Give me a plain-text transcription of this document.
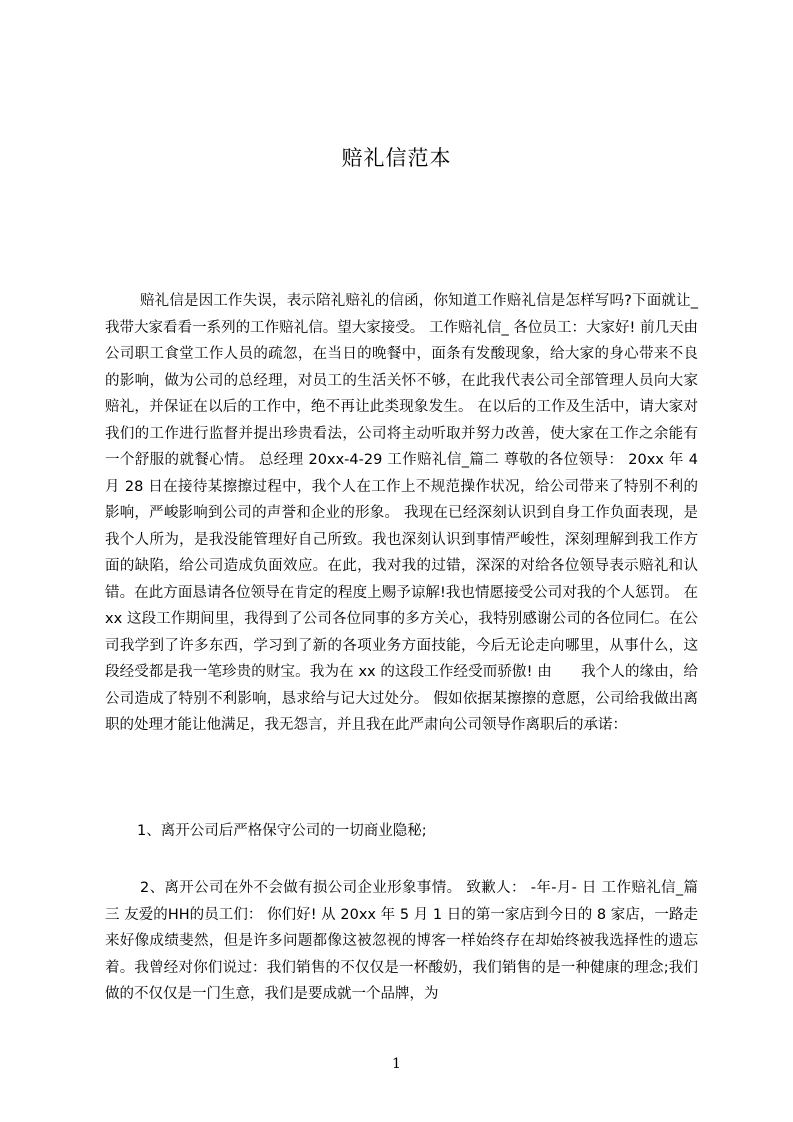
赔礼信范本

赔礼信是因工作失误，表示陪礼赔礼的信函，你知道工作赔礼信是怎样写吗?下面就让_我带大家看看一系列的工作赔礼信。望大家接受。 工作赔礼信_ 各位员工：大家好! 前几天由　　公司职工食堂工作人员的疏忽，在当日的晚餐中，面条有发酸现象，给大家的身心带来不良的影响，做为公司的总经理，对员工的生活关怀不够，在此我代表公司全部管理人员向大家赔礼，并保证在以后的工作中，绝不再让此类现象发生。 在以后的工作及生活中，请大家对我们的工作进行监督并提出珍贵看法，公司将主动听取并努力改善，使大家在工作之余能有一个舒服的就餐心情。 总经理 20xx-4-29 工作赔礼信_篇二 尊敬的各位领导： 20xx 年 4 月 28 日在接待某擦擦过程中，我个人在工作上不规范操作状况，给公司带来了特别不利的影响，严峻影响到公司的声誉和企业的形象。 我现在已经深刻认识到自身工作负面表现，是我个人所为，是我没能管理好自己所致。我也深刻认识到事情严峻性，深刻理解到我工作方面的缺陷，给公司造成负面效应。在此，我对我的过错，深深的对给各位领导表示赔礼和认错。在此方面恳请各位领导在肯定的程度上赐予谅解!我也情愿接受公司对我的个人惩罚。 在 xx 这段工作期间里，我得到了公司各位同事的多方关心，我特别感谢公司的各位同仁。在公司我学到了许多东西，学习到了新的各项业务方面技能，今后无论走向哪里，从事什么，这段经受都是我一笔珍贵的财宝。我为在 xx 的这段工作经受而骄傲! 由　　我个人的缘由，给公司造成了特别不利影响，恳求给与记大过处分。 假如依据某擦擦的意愿，公司给我做出离职的处理才能让他满足，我无怨言，并且我在此严肃向公司领导作离职后的承诺：

1、离开公司后严格保守公司的一切商业隐秘;

2、离开公司在外不会做有损公司企业形象事情。 致歉人： -年-月- 日 工作赔礼信_篇三 友爱的HH的员工们： 你们好! 从 20xx 年 5 月 1 日的第一家店到今日的 8 家店，一路走来好像成绩斐然，但是许多问题都像这被忽视的博客一样始终存在却始终被我选择性的遗忘着。我曾经对你们说过：我们销售的不仅仅是一杯酸奶，我们销售的是一种健康的理念;我们做的不仅仅是一门生意，我们是要成就一个品牌，为

1
